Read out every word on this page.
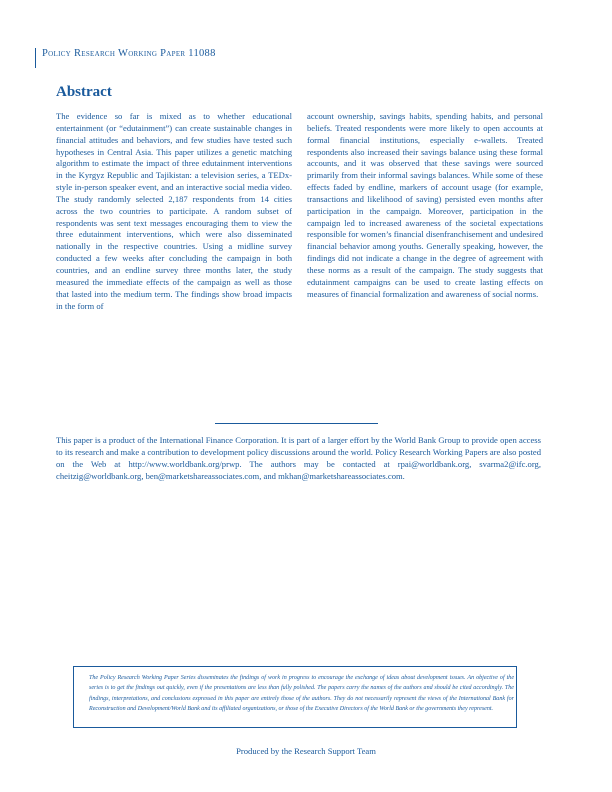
Policy Research Working Paper 11088
Abstract
The evidence so far is mixed as to whether educational entertainment (or “edutainment”) can create sustainable changes in financial attitudes and behaviors, and few studies have tested such hypotheses in Central Asia. This paper utilizes a genetic matching algorithm to estimate the impact of three edutainment interventions in the Kyrgyz Republic and Tajikistan: a television series, a TEDx-style in-person speaker event, and an interactive social media video. The study randomly selected 2,187 respondents from 14 cities across the two countries to participate. A random subset of respondents was sent text messages encouraging them to view the three edutainment interventions, which were also disseminated nationally in the respective countries. Using a midline survey conducted a few weeks after concluding the campaign in both countries, and an endline survey three months later, the study measured the immediate effects of the campaign as well as those that lasted into the medium term. The findings show broad impacts in the form of
account ownership, savings habits, spending habits, and personal beliefs. Treated respondents were more likely to open accounts at formal financial institutions, especially e-wallets. Treated respondents also increased their savings balance using these formal accounts, and it was observed that these savings were sourced primarily from their informal savings balances. While some of these effects faded by endline, markers of account usage (for example, transactions and likelihood of saving) persisted even months after participation in the campaign. Moreover, participation in the campaign led to increased awareness of the societal expectations responsible for women’s financial disenfranchisement and undesired financial behavior among youths. Generally speaking, however, the findings did not indicate a change in the degree of agreement with these norms as a result of the campaign. The study suggests that edutainment campaigns can be used to create lasting effects on measures of financial formalization and awareness of social norms.
This paper is a product of the International Finance Corporation. It is part of a larger effort by the World Bank Group to provide open access to its research and make a contribution to development policy discussions around the world. Policy Research Working Papers are also posted on the Web at http://www.worldbank.org/prwp. The authors may be contacted at rpai@worldbank.org, svarma2@ifc.org, cheitzig@worldbank.org, ben@marketshareassociates.com, and mkhan@marketshareassociates.com.
The Policy Research Working Paper Series disseminates the findings of work in progress to encourage the exchange of ideas about development issues. An objective of the series is to get the findings out quickly, even if the presentations are less than fully polished. The papers carry the names of the authors and should be cited accordingly. The findings, interpretations, and conclusions expressed in this paper are entirely those of the authors. They do not necessarily represent the views of the International Bank for Reconstruction and Development/World Bank and its affiliated organizations, or those of the Executive Directors of the World Bank or the governments they represent.
Produced by the Research Support Team
